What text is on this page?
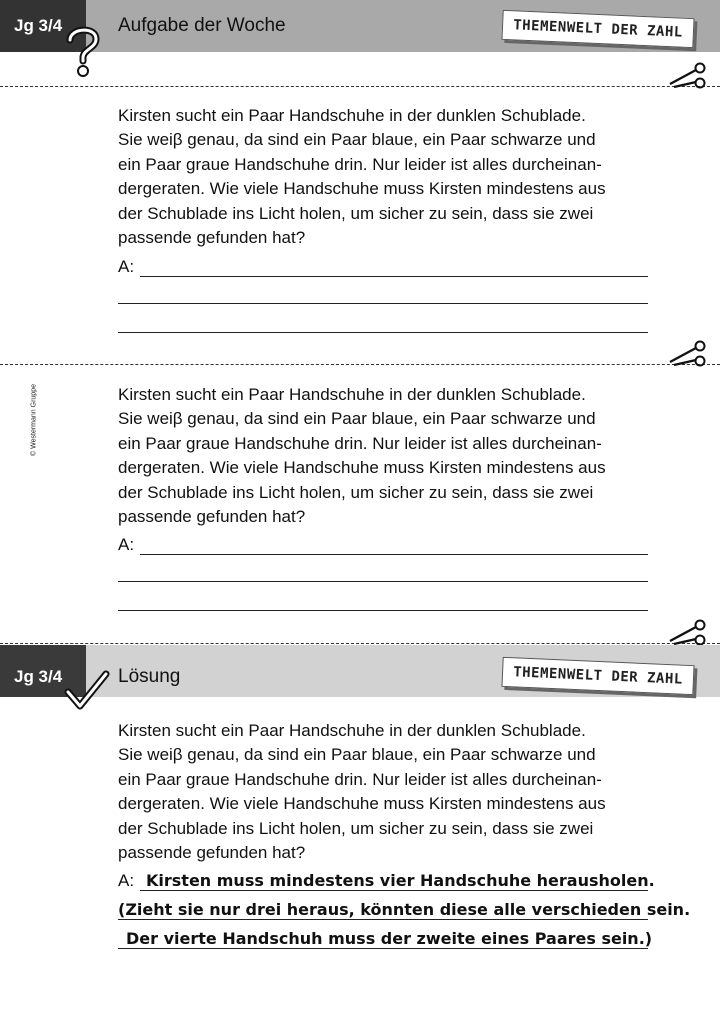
Jg 3/4	Aufgabe der Woche	THEMENWELT DER ZAHL

Kirsten sucht ein Paar Handschuhe in der dunklen Schublade.

Sie weiβ genau, da sind ein Paar blaue, ein Paar schwarze und

ein Paar graue Handschuhe drin. Nur leider ist alles durcheinan-

dergeraten. Wie viele Handschuhe muss Kirsten mindestens aus

der Schublade ins Licht holen, um sicher zu sein, dass sie zwei

passende gefunden hat?

A:
© Westermann Gruppe	Kirsten sucht ein Paar Handschuhe in der dunklen Schublade.

Sie weiβ genau, da sind ein Paar blaue, ein Paar schwarze und

ein Paar graue Handschuhe drin. Nur leider ist alles durcheinan-

dergeraten. Wie viele Handschuhe muss Kirsten mindestens aus

der Schublade ins Licht holen, um sicher zu sein, dass sie zwei

passende gefunden hat?

A:
Jg 3/4	Lösung	THEMENWELT DER ZAHL

Kirsten sucht ein Paar Handschuhe in der dunklen Schublade.

Sie weiβ genau, da sind ein Paar blaue, ein Paar schwarze und

ein Paar graue Handschuhe drin. Nur leider ist alles durcheinan-

dergeraten. Wie viele Handschuhe muss Kirsten mindestens aus

der Schublade ins Licht holen, um sicher zu sein, dass sie zwei

passende gefunden hat?

A: Kirsten muss mindestens vier Handschuhe herausholen.
(Zieht sie nur drei heraus, könnten diese alle verschieden sein.
Der vierte Handschuh muss der zweite eines Paares sein.)
